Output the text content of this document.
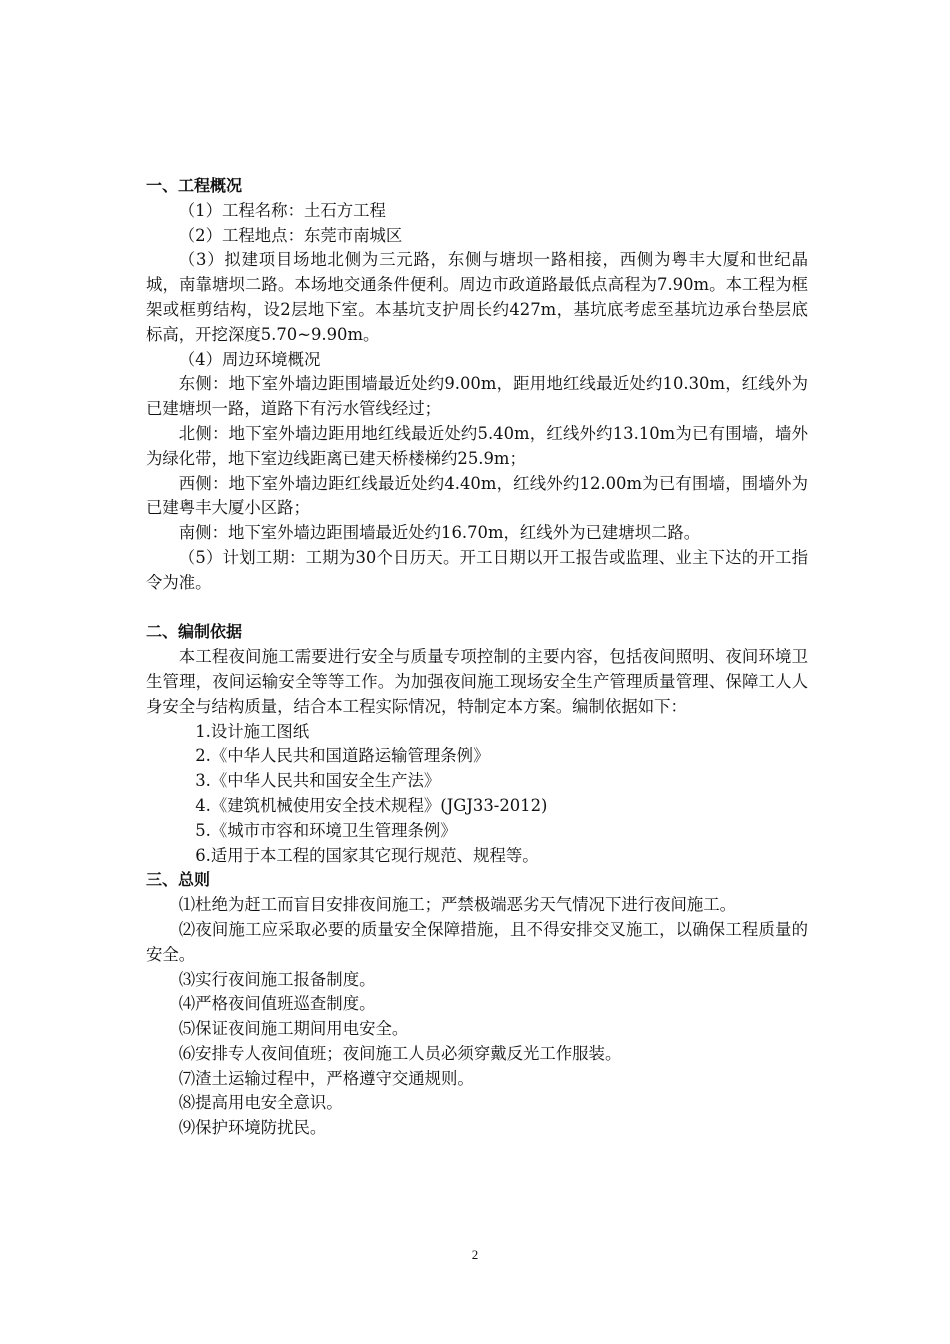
一、工程概况
（1）工程名称：土石方工程
（2）工程地点：东莞市南城区
（3）拟建项目场地北侧为三元路，东侧与塘坝一路相接，西侧为粤丰大厦和世纪晶城，南靠塘坝二路。本场地交通条件便利。周边市政道路最低点高程为7.90m。本工程为框架或框剪结构，设2层地下室。本基坑支护周长约427m，基坑底考虑至基坑边承台垫层底标高，开挖深度5.70~9.90m。
（4）周边环境概况
东侧：地下室外墙边距围墙最近处约9.00m，距用地红线最近处约10.30m，红线外为已建塘坝一路，道路下有污水管线经过；
北侧：地下室外墙边距用地红线最近处约5.40m，红线外约13.10m为已有围墙，墙外为绿化带，地下室边线距离已建天桥楼梯约25.9m；
西侧：地下室外墙边距红线最近处约4.40m，红线外约12.00m为已有围墙，围墙外为已建粤丰大厦小区路；
南侧：地下室外墙边距围墙最近处约16.70m，红线外为已建塘坝二路。
（5）计划工期：工期为30个日历天。开工日期以开工报告或监理、业主下达的开工指令为准。
二、编制依据
本工程夜间施工需要进行安全与质量专项控制的主要内容，包括夜间照明、夜间环境卫生管理，夜间运输安全等等工作。为加强夜间施工现场安全生产管理质量管理、保障工人人身安全与结构质量，结合本工程实际情况，特制定本方案。编制依据如下：
1.设计施工图纸
2.《中华人民共和国道路运输管理条例》
3.《中华人民共和国安全生产法》
4.《建筑机械使用安全技术规程》(JGJ33-2012)
5.《城市市容和环境卫生管理条例》
6.适用于本工程的国家其它现行规范、规程等。
三、总则
⑴杜绝为赶工而盲目安排夜间施工；严禁极端恶劣天气情况下进行夜间施工。
⑵夜间施工应采取必要的质量安全保障措施，且不得安排交叉施工，以确保工程质量的安全。
⑶实行夜间施工报备制度。
⑷严格夜间值班巡查制度。
⑸保证夜间施工期间用电安全。
⑹安排专人夜间值班；夜间施工人员必须穿戴反光工作服装。
⑺渣土运输过程中，严格遵守交通规则。
⑻提高用电安全意识。
⑼保护环境防扰民。
2
